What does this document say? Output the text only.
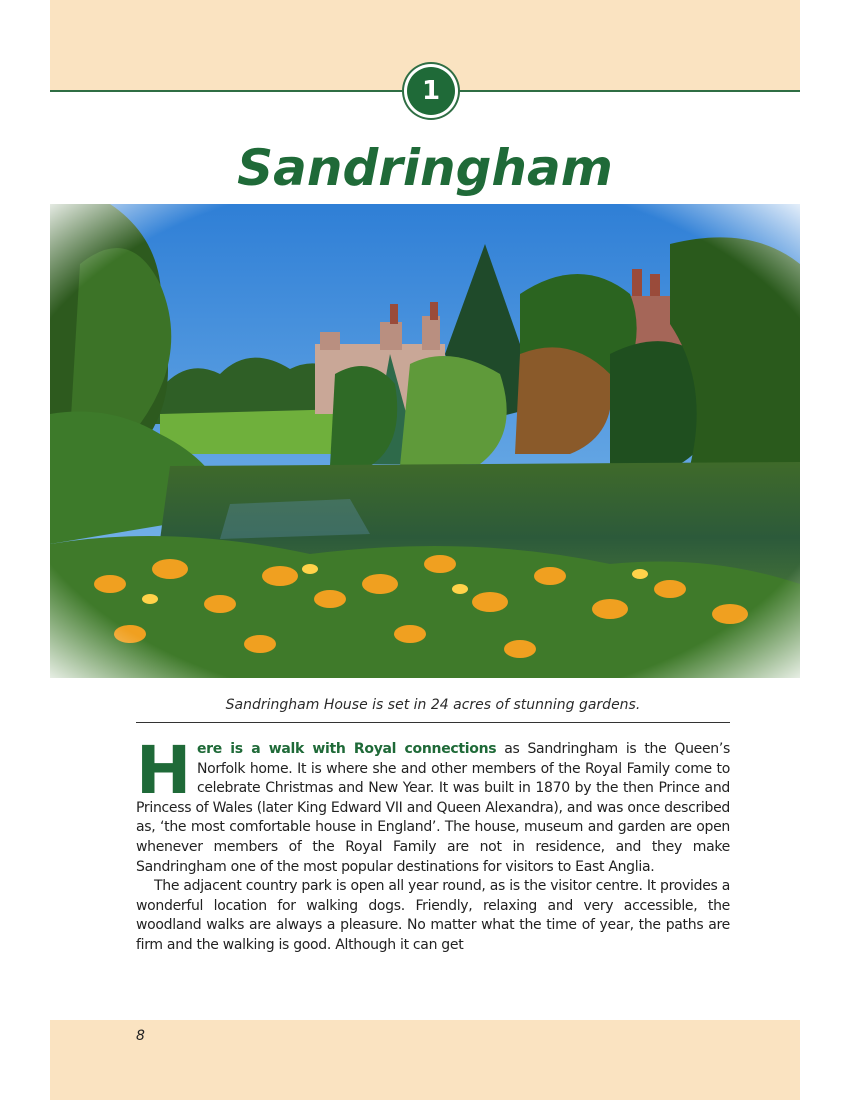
1
Sandringham
Sandringham House is set in 24 acres of stunning gardens.

Here is a walk with Royal connections as Sandringham is the Queen’s Norfolk home. It is where she and other members of the Royal Family come to celebrate Christmas and New Year. It was built in 1870 by the then Prince and Princess of Wales (later King Edward VII and Queen Alexandra), and was once described as, ‘the most comfortable house in England’. The house, museum and garden are open whenever members of the Royal Family are not in residence, and they make Sandringham one of the most popular destinations for visitors to East Anglia.

The adjacent country park is open all year round, as is the visitor centre. It provides a wonderful location for walking dogs. Friendly, relaxing and very accessible, the woodland walks are always a pleasure. No matter what the time of year, the paths are firm and the walking is good. Although it can get

8
